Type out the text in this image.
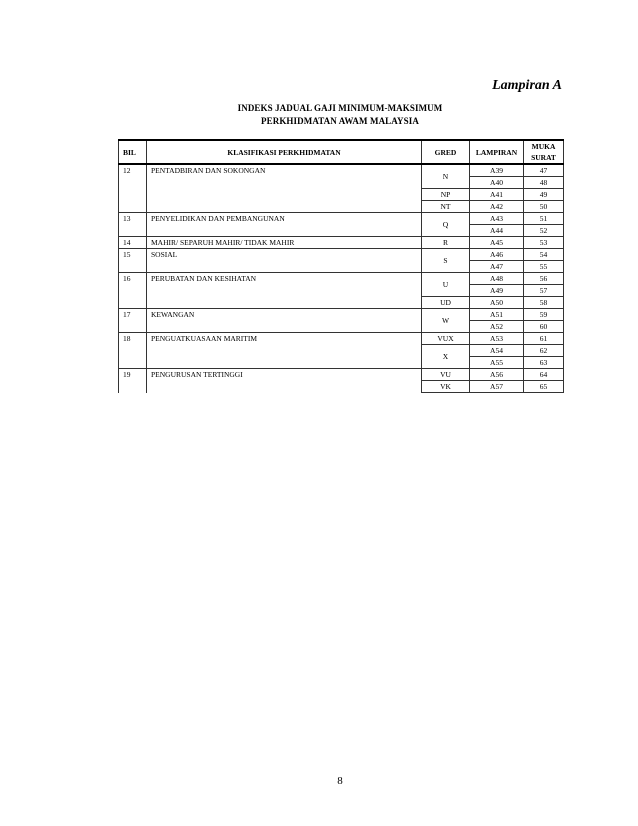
Lampiran A
INDEKS JADUAL GAJI MINIMUM-MAKSIMUM
PERKHIDMATAN AWAM MALAYSIA
BIL	KLASIFIKASI PERKHIDMATAN	GRED	LAMPIRAN	MUKA
SURAT

12	PENTADBIRAN DAN SOKONGAN	N	A39	47
			A40	48
		NP	A41	49
		NT	A42	50
13	PENYELIDIKAN DAN PEMBANGUNAN	Q	A43	51
			A44	52
14	MAHIR/ SEPARUH MAHIR/ TIDAK MAHIR	R	A45	53
15	SOSIAL	S	A46	54
			A47	55
16	PERUBATAN DAN KESIHATAN	U	A48	56
			A49	57
		UD	A50	58
17	KEWANGAN	W	A51	59
			A52	60
18	PENGUATKUASAAN MARITIM	VUX	A53	61
		X	A54	62
			A55	63
19	PENGURUSAN TERTINGGI	VU	A56	64
		VK	A57	65
8
